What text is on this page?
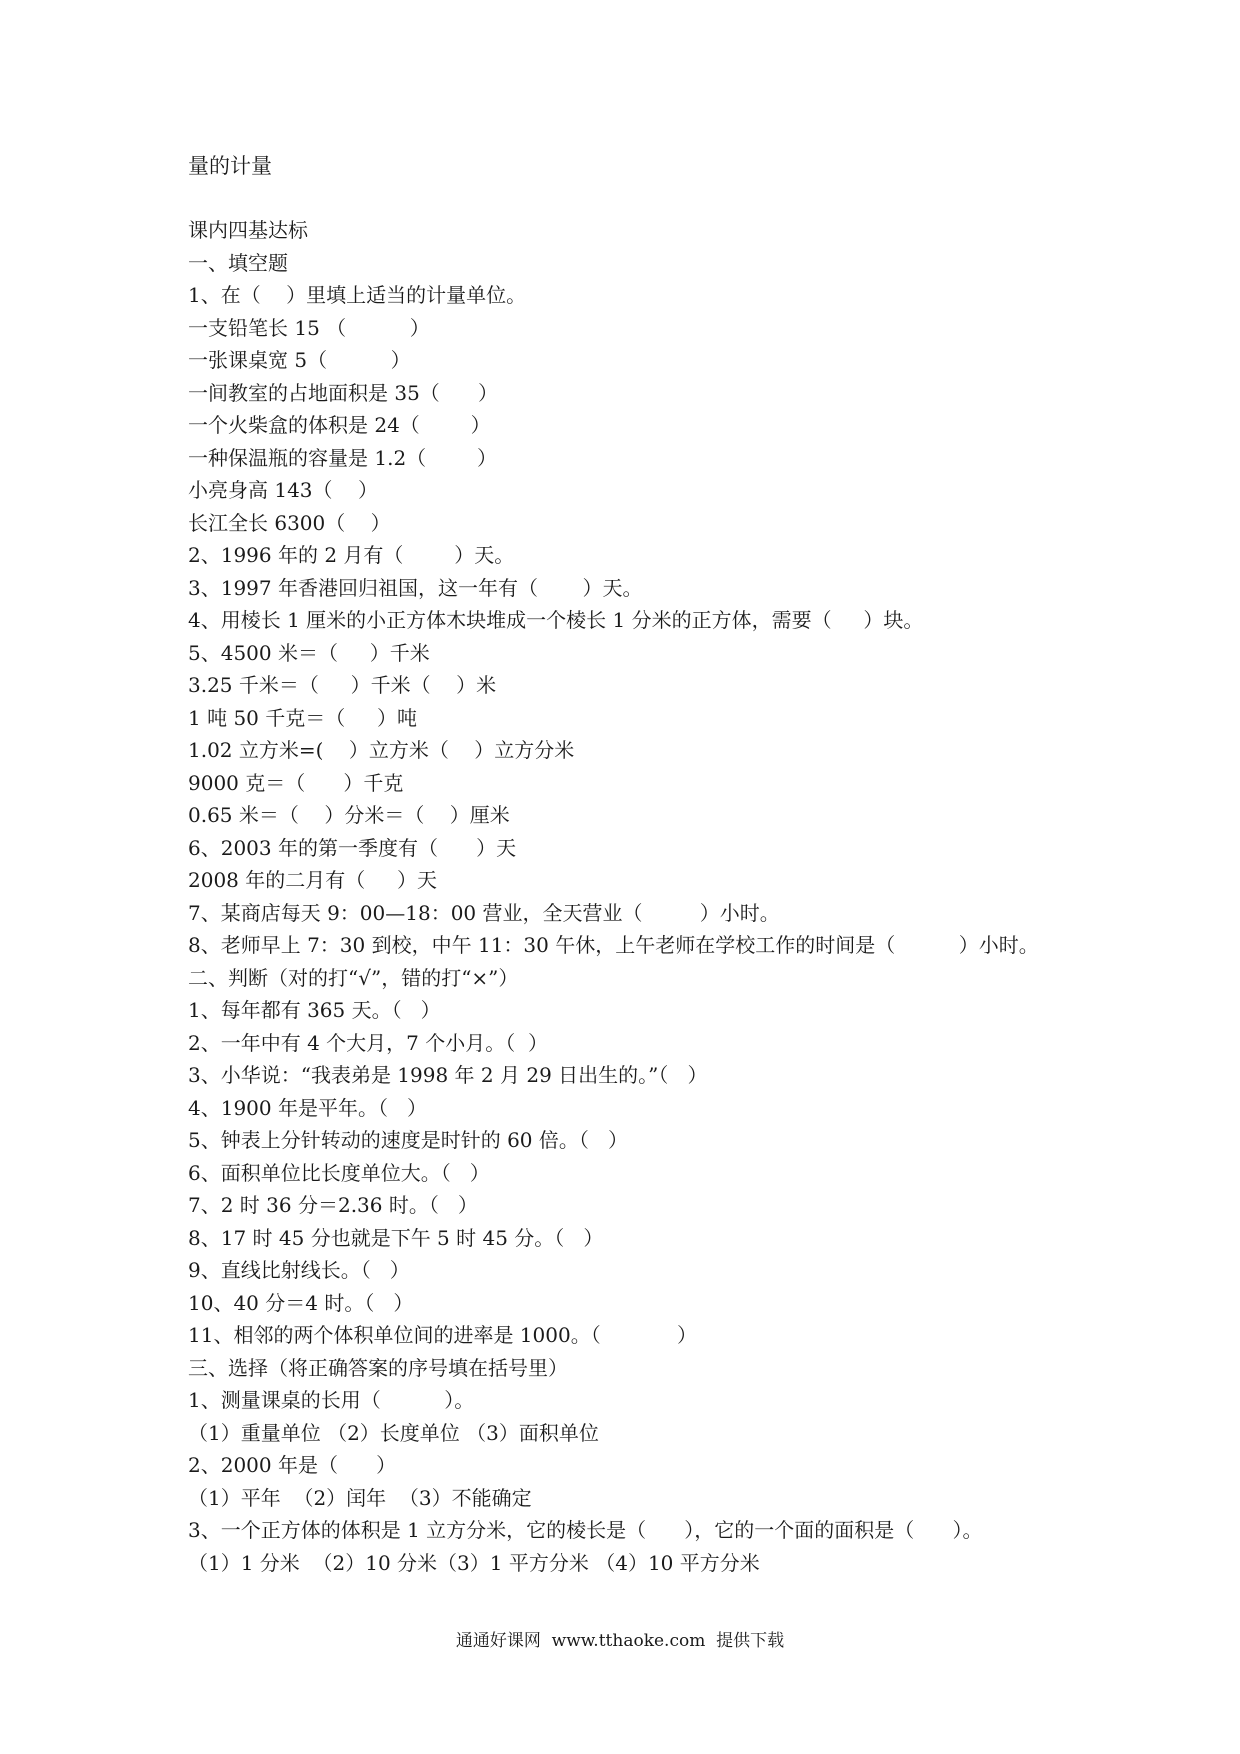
量的计量
课内四基达标
一、填空题
1、在（    ）里填上适当的计量单位。
一支铅笔长 15 （          ）
一张课桌宽 5（          ）
一间教室的占地面积是 35（      ）
一个火柴盒的体积是 24（        ）
一种保温瓶的容量是 1.2（        ）
小亮身高 143（    ）
长江全长 6300（    ）
2、1996 年的 2 月有（        ）天。
3、1997 年香港回归祖国，这一年有（       ）天。
4、用棱长 1 厘米的小正方体木块堆成一个棱长 1 分米的正方体，需要（     ）块。
5、4500 米＝（     ）千米
3.25 千米＝（     ）千米（    ）米
1 吨 50 千克＝（     ）吨
1.02 立方米=(    ）立方米（    ）立方分米
9000 克＝（      ）千克
0.65 米＝（    ）分米＝（    ）厘米
6、2003 年的第一季度有（      ）天
2008 年的二月有（     ）天
7、某商店每天 9：00—18：00 营业，全天营业（         ）小时。
8、老师早上 7：30 到校，中午 11：30 午休，上午老师在学校工作的时间是（          ）小时。
二、判断（对的打“√”，错的打“×”）
1、每年都有 365 天。（   ）
2、一年中有 4 个大月，7 个小月。（  ）
3、小华说：“我表弟是 1998 年 2 月 29 日出生的。”（   ）
4、1900 年是平年。（   ）
5、钟表上分针转动的速度是时针的 60 倍。（   ）
6、面积单位比长度单位大。（   ）
7、2 时 36 分＝2.36 时。（   ）
8、17 时 45 分也就是下午 5 时 45 分。（   ）
9、直线比射线长。（   ）
10、40 分＝4 时。（   ）
11、相邻的两个体积单位间的进率是 1000。（            ）
三、选择（将正确答案的序号填在括号里）
1、测量课桌的长用（          ）。
（1）重量单位 （2）长度单位 （3）面积单位
2、2000 年是（      ）
（1）平年  （2）闰年  （3）不能确定
3、一个正方体的体积是 1 立方分米，它的棱长是（      ），它的一个面的面积是（      ）。
（1）1 分米  （2）10 分米（3）1 平方分米 （4）10 平方分米
通通好课网  www.tthaoke.com  提供下载
